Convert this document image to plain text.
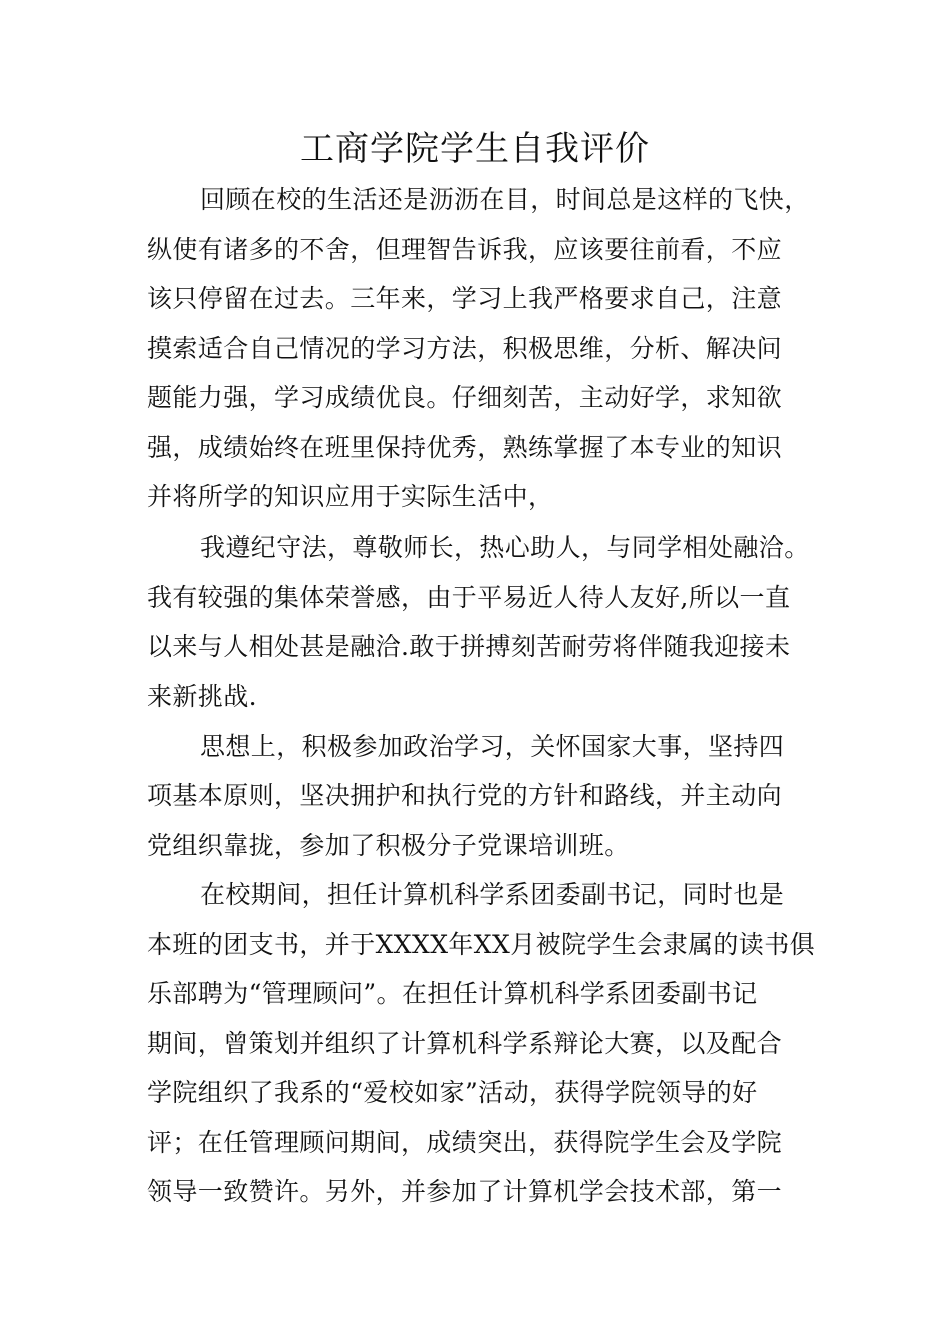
工商学院学生自我评价
回顾在校的生活还是沥沥在目，时间总是这样的飞快，
纵使有诸多的不舍，但理智告诉我，应该要往前看，不应
该只停留在过去。三年来，学习上我严格要求自己，注意
摸索适合自己情况的学习方法，积极思维，分析、解决问
题能力强，学习成绩优良。仔细刻苦，主动好学，求知欲
强，成绩始终在班里保持优秀，熟练掌握了本专业的知识
并将所学的知识应用于实际生活中，
我遵纪守法，尊敬师长，热心助人，与同学相处融洽。
我有较强的集体荣誉感，由于平易近人待人友好,所以一直
以来与人相处甚是融洽.敢于拼搏刻苦耐劳将伴随我迎接未
来新挑战.
思想上，积极参加政治学习，关怀国家大事，坚持四
项基本原则，坚决拥护和执行党的方针和路线，并主动向
党组织靠拢，参加了积极分子党课培训班。
在校期间，担任计算机科学系团委副书记，同时也是
本班的团支书，并于XXXX年XX月被院学生会隶属的读书俱
乐部聘为“管理顾问”。在担任计算机科学系团委副书记
期间，曾策划并组织了计算机科学系辩论大赛，以及配合
学院组织了我系的“爱校如家”活动，获得学院领导的好
评；在任管理顾问期间，成绩突出，获得院学生会及学院
领导一致赞许。另外，并参加了计算机学会技术部，第一
